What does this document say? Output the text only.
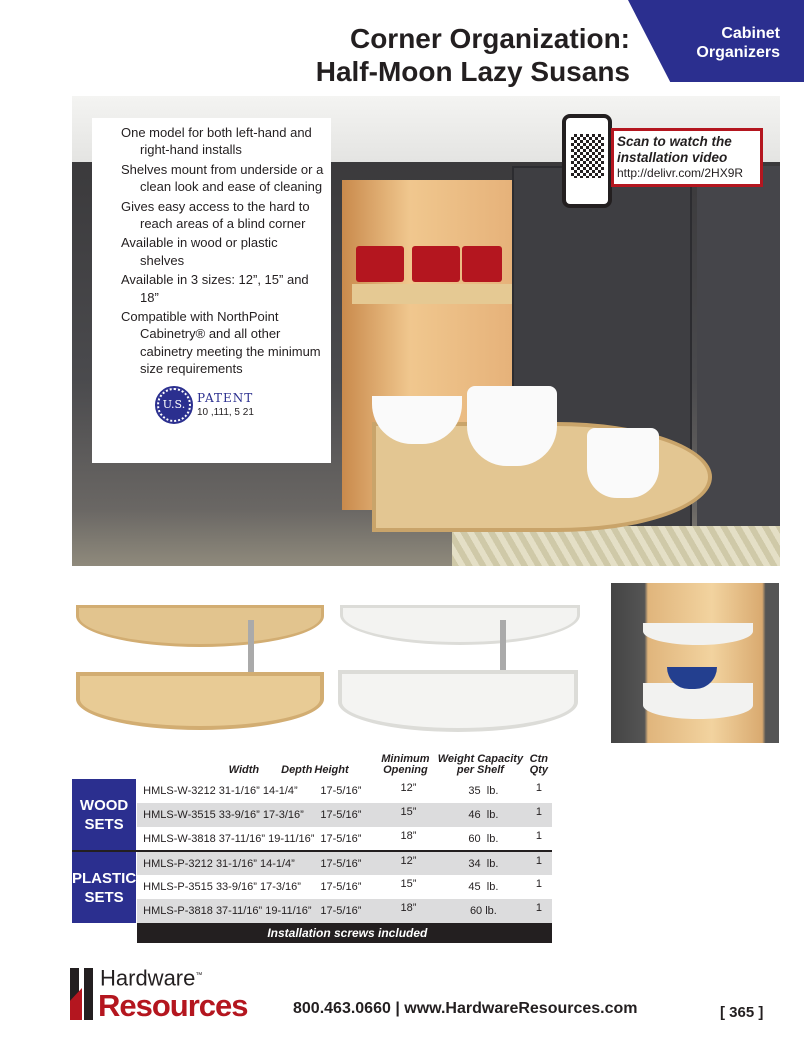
Cabinet
Organizers
Corner Organization:
Half-Moon Lazy Susans
One model for both left-hand and right-hand installs
Shelves mount from underside or a clean look and ease of cleaning
Gives easy access to the hard to reach areas of a blind corner
Available in wood or plastic shelves
Available in 3 sizes: 12”, 15” and 18”
Compatible with NorthPoint Cabinetry® and all other cabinetry meeting the minimum size requirements
U.S. PATENT
10 ,111, 5 21
Scan to watch the
installation video
http://delivr.com/2HX9R
	Width Depth		Height	Minimum Opening	Weight Capacity per Shelf	Ctn Qty
WOOD
SETS	HMLS-W-3212 31-1/16” 14-1/4”	17-5/16”	12”	35  lb.	1
	HMLS-W-3515 33-9/16” 17-3/16”	17-5/16”	15”	46  lb.	1
	HMLS-W-3818 37-11/16” 19-11/16”	17-5/16”	18”	60  lb.	1
PLASTIC
SETS	HMLS-P-3212 31-1/16” 14-1/4”	17-5/16”	12”	34  lb.	1
	HMLS-P-3515 33-9/16” 17-3/16”	17-5/16”	15”	45  lb.	1
	HMLS-P-3818 37-11/16” 19-11/16”	17-5/16”	18”	60 lb.	1
	Installation screws included				
Hardware™
Resources	800.463.0660 | www.HardwareResources.com	[ 365 ]
